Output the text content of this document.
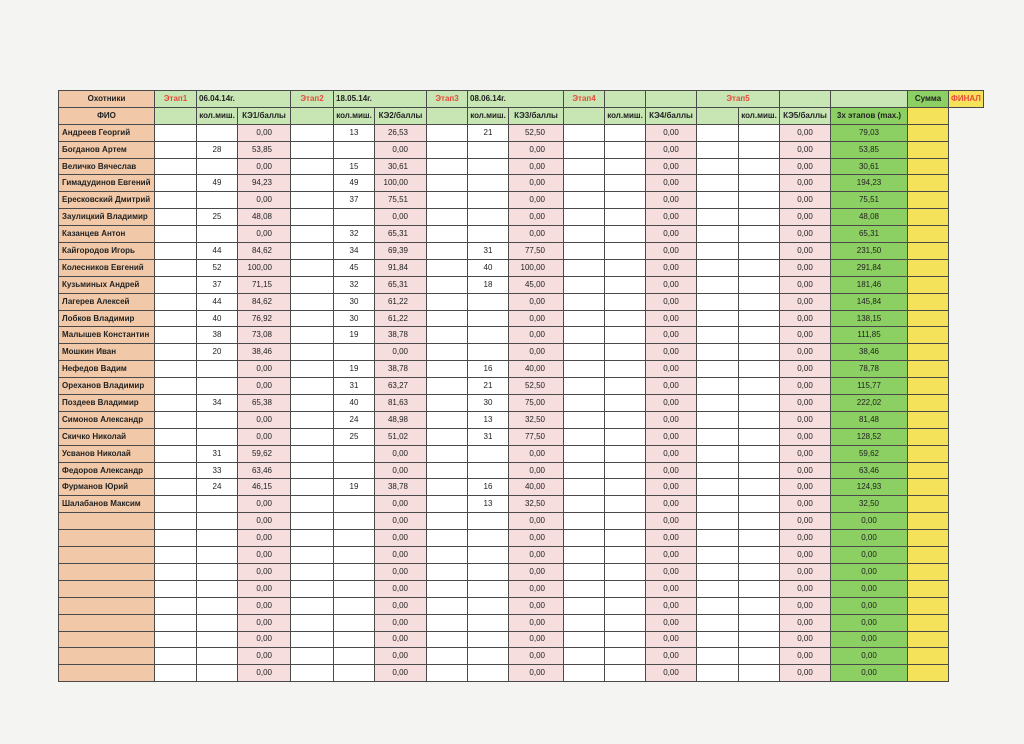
Охотники	Этап1	06.04.14г.		Этап2	18.05.14г.		Этап3	08.06.14г.		Этап4			Этап5				Сумма	ФИНАЛ
ФИО		кол.миш.	КЭ1/баллы		кол.миш.	КЭ2/баллы		кол.миш.	КЭ3/баллы		кол.миш.	КЭ4/баллы		кол.миш.	КЭ5/баллы	3х этапов (max.)		
Андреев Георгий			0,00		13	26,53		21	52,50			0,00			0,00	79,03		
Богданов Артем		28	53,85			0,00			0,00			0,00			0,00	53,85		
Величко Вячеслав			0,00		15	30,61			0,00			0,00			0,00	30,61		
Гимадудинов Евгений		49	94,23		49	100,00			0,00			0,00			0,00	194,23		
Ересковский Дмитрий			0,00		37	75,51			0,00			0,00			0,00	75,51		
Заулицкий Владимир		25	48,08			0,00			0,00			0,00			0,00	48,08		
Казанцев Антон			0,00		32	65,31			0,00			0,00			0,00	65,31		
Кайгородов Игорь		44	84,62		34	69,39		31	77,50			0,00			0,00	231,50		
Колесников Евгений		52	100,00		45	91,84		40	100,00			0,00			0,00	291,84		
Кузьминых Андрей		37	71,15		32	65,31		18	45,00			0,00			0,00	181,46		
Лагерев Алексей		44	84,62		30	61,22			0,00			0,00			0,00	145,84		
Лобков Владимир		40	76,92		30	61,22			0,00			0,00			0,00	138,15		
Малышев Константин		38	73,08		19	38,78			0,00			0,00			0,00	111,85		
Мошкин Иван		20	38,46			0,00			0,00			0,00			0,00	38,46		
Нефедов Вадим			0,00		19	38,78		16	40,00			0,00			0,00	78,78		
Ореханов Владимир			0,00		31	63,27		21	52,50			0,00			0,00	115,77		
Поздеев Владимир		34	65,38		40	81,63		30	75,00			0,00			0,00	222,02		
Симонов Александр			0,00		24	48,98		13	32,50			0,00			0,00	81,48		
Скичко Николай			0,00		25	51,02		31	77,50			0,00			0,00	128,52		
Усванов Николай		31	59,62			0,00			0,00			0,00			0,00	59,62		
Федоров Александр		33	63,46			0,00			0,00			0,00			0,00	63,46		
Фурманов Юрий		24	46,15		19	38,78		16	40,00			0,00			0,00	124,93		
Шалабанов Максим			0,00			0,00		13	32,50			0,00			0,00	32,50		
			0,00			0,00			0,00			0,00			0,00	0,00		
			0,00			0,00			0,00			0,00			0,00	0,00		
			0,00			0,00			0,00			0,00			0,00	0,00		
			0,00			0,00			0,00			0,00			0,00	0,00		
			0,00			0,00			0,00			0,00			0,00	0,00		
			0,00			0,00			0,00			0,00			0,00	0,00		
			0,00			0,00			0,00			0,00			0,00	0,00		
			0,00			0,00			0,00			0,00			0,00	0,00		
			0,00			0,00			0,00			0,00			0,00	0,00		
			0,00			0,00			0,00			0,00			0,00	0,00		
